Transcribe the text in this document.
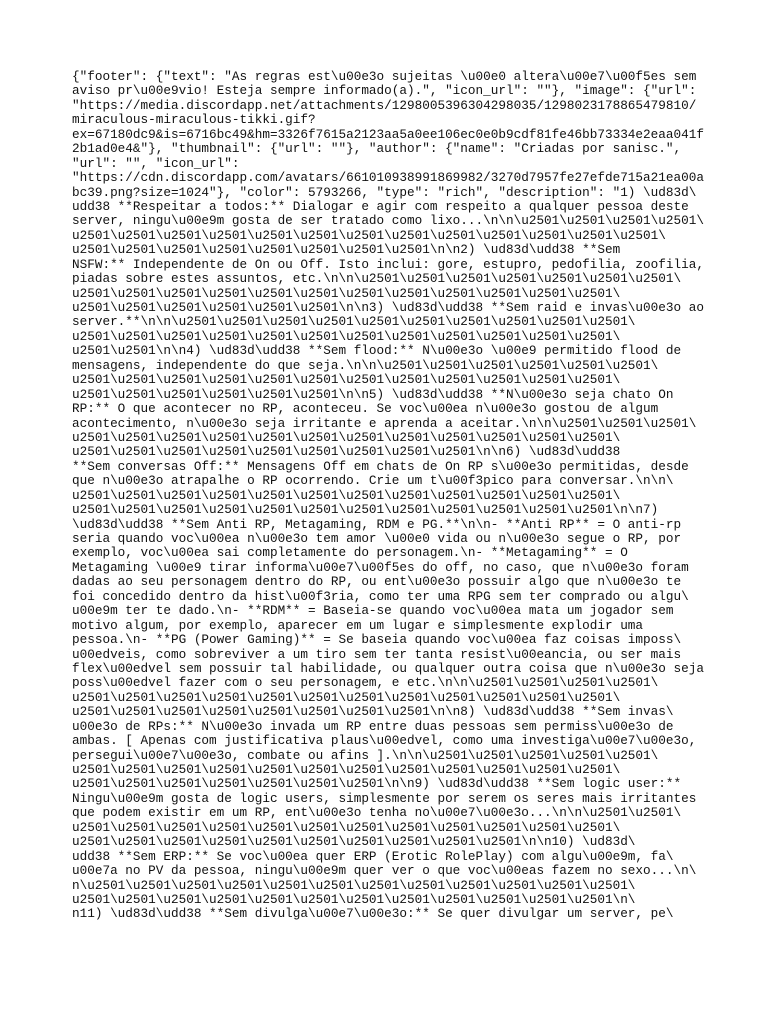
{"footer": {"text": "As regras est\u00e3o sujeitas \u00e0 altera\u00e7\u00f5es sem
aviso pr\u00e9vio! Esteja sempre informado(a).", "icon_url": ""}, "image": {"url":
"https://media.discordapp.net/attachments/1298005396304298035/1298023178865479810/
miraculous-miraculous-tikki.gif?
ex=67180dc9&is=6716bc49&hm=3326f7615a2123aa5a0ee106ec0e0b9cdf81fe46bb73334e2eaa041f
2b1ad0e4&"}, "thumbnail": {"url": ""}, "author": {"name": "Criadas por sanisc.",
"url": "", "icon_url":
"https://cdn.discordapp.com/avatars/661010938991869982/3270d7957fe27efde715a21ea00a
bc39.png?size=1024"}, "color": 5793266, "type": "rich", "description": "1) \ud83d\
udd38 **Respeitar a todos:** Dialogar e agir com respeito a qualquer pessoa deste
server, ningu\u00e9m gosta de ser tratado como lixo...\n\n\u2501\u2501\u2501\u2501\
u2501\u2501\u2501\u2501\u2501\u2501\u2501\u2501\u2501\u2501\u2501\u2501\u2501\
u2501\u2501\u2501\u2501\u2501\u2501\u2501\u2501\n\n2) \ud83d\udd38 **Sem
NSFW:** Independente de On ou Off. Isto inclui: gore, estupro, pedofilia, zoofilia,
piadas sobre estes assuntos, etc.\n\n\u2501\u2501\u2501\u2501\u2501\u2501\u2501\
u2501\u2501\u2501\u2501\u2501\u2501\u2501\u2501\u2501\u2501\u2501\u2501\
u2501\u2501\u2501\u2501\u2501\u2501\n\n3) \ud83d\udd38 **Sem raid e invas\u00e3o ao
server.**\n\n\u2501\u2501\u2501\u2501\u2501\u2501\u2501\u2501\u2501\u2501\
u2501\u2501\u2501\u2501\u2501\u2501\u2501\u2501\u2501\u2501\u2501\u2501\
u2501\u2501\n\n4) \ud83d\udd38 **Sem flood:** N\u00e3o \u00e9 permitido flood de
mensagens, independente do que seja.\n\n\u2501\u2501\u2501\u2501\u2501\u2501\
u2501\u2501\u2501\u2501\u2501\u2501\u2501\u2501\u2501\u2501\u2501\u2501\
u2501\u2501\u2501\u2501\u2501\u2501\n\n5) \ud83d\udd38 **N\u00e3o seja chato On
RP:** O que acontecer no RP, aconteceu. Se voc\u00ea n\u00e3o gostou de algum
acontecimento, n\u00e3o seja irritante e aprenda a aceitar.\n\n\u2501\u2501\u2501\
u2501\u2501\u2501\u2501\u2501\u2501\u2501\u2501\u2501\u2501\u2501\u2501\
u2501\u2501\u2501\u2501\u2501\u2501\u2501\u2501\u2501\n\n6) \ud83d\udd38
**Sem conversas Off:** Mensagens Off em chats de On RP s\u00e3o permitidas, desde
que n\u00e3o atrapalhe o RP ocorrendo. Crie um t\u00f3pico para conversar.\n\n\
u2501\u2501\u2501\u2501\u2501\u2501\u2501\u2501\u2501\u2501\u2501\u2501\
u2501\u2501\u2501\u2501\u2501\u2501\u2501\u2501\u2501\u2501\u2501\u2501\n\n7)
\ud83d\udd38 **Sem Anti RP, Metagaming, RDM e PG.**\n\n- **Anti RP** = O anti-rp
seria quando voc\u00ea n\u00e3o tem amor \u00e0 vida ou n\u00e3o segue o RP, por
exemplo, voc\u00ea sai completamente do personagem.\n- **Metagaming** = O
Metagaming \u00e9 tirar informa\u00e7\u00f5es do off, no caso, que n\u00e3o foram
dadas ao seu personagem dentro do RP, ou ent\u00e3o possuir algo que n\u00e3o te
foi concedido dentro da hist\u00f3ria, como ter uma RPG sem ter comprado ou algu\
u00e9m ter te dado.\n- **RDM** = Baseia-se quando voc\u00ea mata um jogador sem
motivo algum, por exemplo, aparecer em um lugar e simplesmente explodir uma
pessoa.\n- **PG (Power Gaming)** = Se baseia quando voc\u00ea faz coisas imposs\
u00edveis, como sobreviver a um tiro sem ter tanta resist\u00eancia, ou ser mais
flex\u00edvel sem possuir tal habilidade, ou qualquer outra coisa que n\u00e3o seja
poss\u00edvel fazer com o seu personagem, e etc.\n\n\u2501\u2501\u2501\u2501\
u2501\u2501\u2501\u2501\u2501\u2501\u2501\u2501\u2501\u2501\u2501\u2501\
u2501\u2501\u2501\u2501\u2501\u2501\u2501\u2501\n\n8) \ud83d\udd38 **Sem invas\
u00e3o de RPs:** N\u00e3o invada um RP entre duas pessoas sem permiss\u00e3o de
ambas. [ Apenas com justificativa plaus\u00edvel, como uma investiga\u00e7\u00e3o,
persegui\u00e7\u00e3o, combate ou afins ].\n\n\u2501\u2501\u2501\u2501\u2501\
u2501\u2501\u2501\u2501\u2501\u2501\u2501\u2501\u2501\u2501\u2501\u2501\
u2501\u2501\u2501\u2501\u2501\u2501\u2501\n\n9) \ud83d\udd38 **Sem logic user:**
Ningu\u00e9m gosta de logic users, simplesmente por serem os seres mais irritantes
que podem existir em um RP, ent\u00e3o tenha no\u00e7\u00e3o...\n\n\u2501\u2501\
u2501\u2501\u2501\u2501\u2501\u2501\u2501\u2501\u2501\u2501\u2501\u2501\
u2501\u2501\u2501\u2501\u2501\u2501\u2501\u2501\u2501\u2501\n\n10) \ud83d\
udd38 **Sem ERP:** Se voc\u00ea quer ERP (Erotic RolePlay) com algu\u00e9m, fa\
u00e7a no PV da pessoa, ningu\u00e9m quer ver o que voc\u00eas fazem no sexo...\n\
n\u2501\u2501\u2501\u2501\u2501\u2501\u2501\u2501\u2501\u2501\u2501\u2501\
u2501\u2501\u2501\u2501\u2501\u2501\u2501\u2501\u2501\u2501\u2501\u2501\n\
n11) \ud83d\udd38 **Sem divulga\u00e7\u00e3o:** Se quer divulgar um server, pe\
